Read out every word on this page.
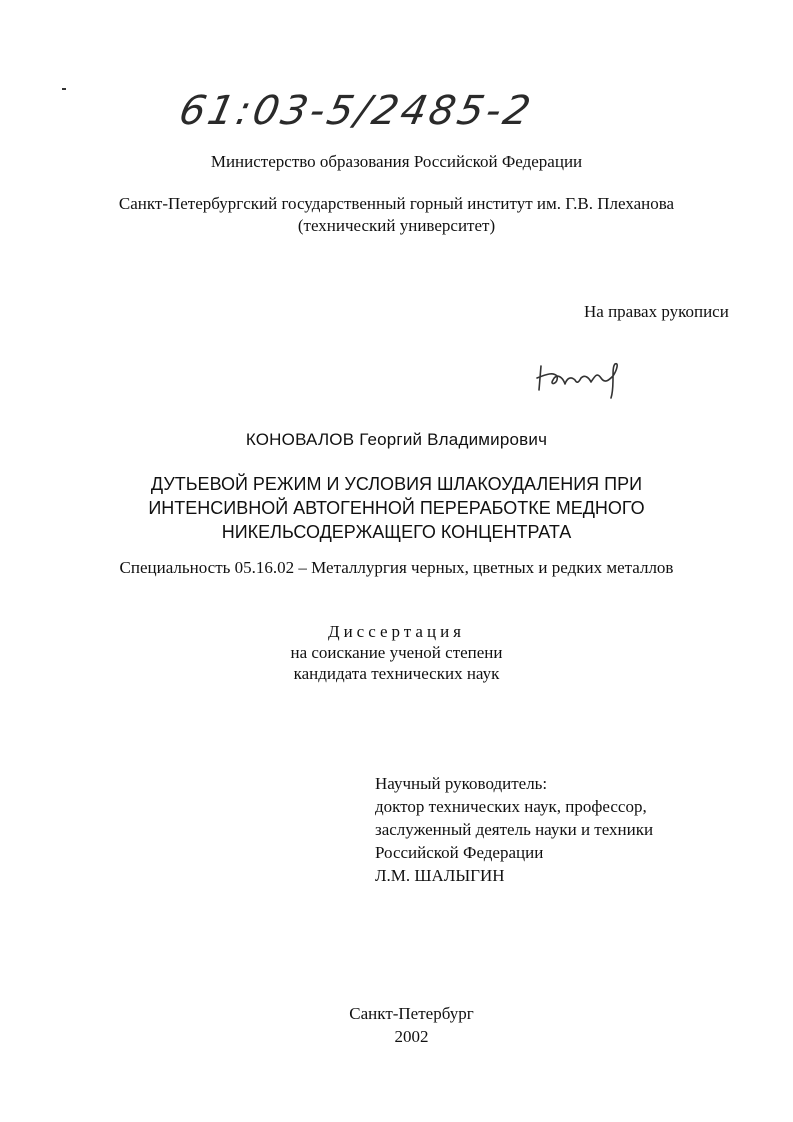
61:03-5/2485-2
Министерство образования Российской Федерации
Санкт-Петербургский государственный горный институт им. Г.В. Плеханова
(технический университет)
На правах рукописи
КОНОВАЛОВ Георгий Владимирович
ДУТЬЕВОЙ РЕЖИМ И УСЛОВИЯ ШЛАКОУДАЛЕНИЯ ПРИ
ИНТЕНСИВНОЙ АВТОГЕННОЙ ПЕРЕРАБОТКЕ МЕДНОГО
НИКЕЛЬСОДЕРЖАЩЕГО КОНЦЕНТРАТА
Специальность 05.16.02 – Металлургия черных, цветных и редких металлов
Диссертация
на соискание ученой степени
кандидата технических наук
Научный руководитель:
доктор технических наук, профессор,
заслуженный деятель науки и техники
Российской Федерации
Л.М. ШАЛЫГИН
Санкт-Петербург
2002
